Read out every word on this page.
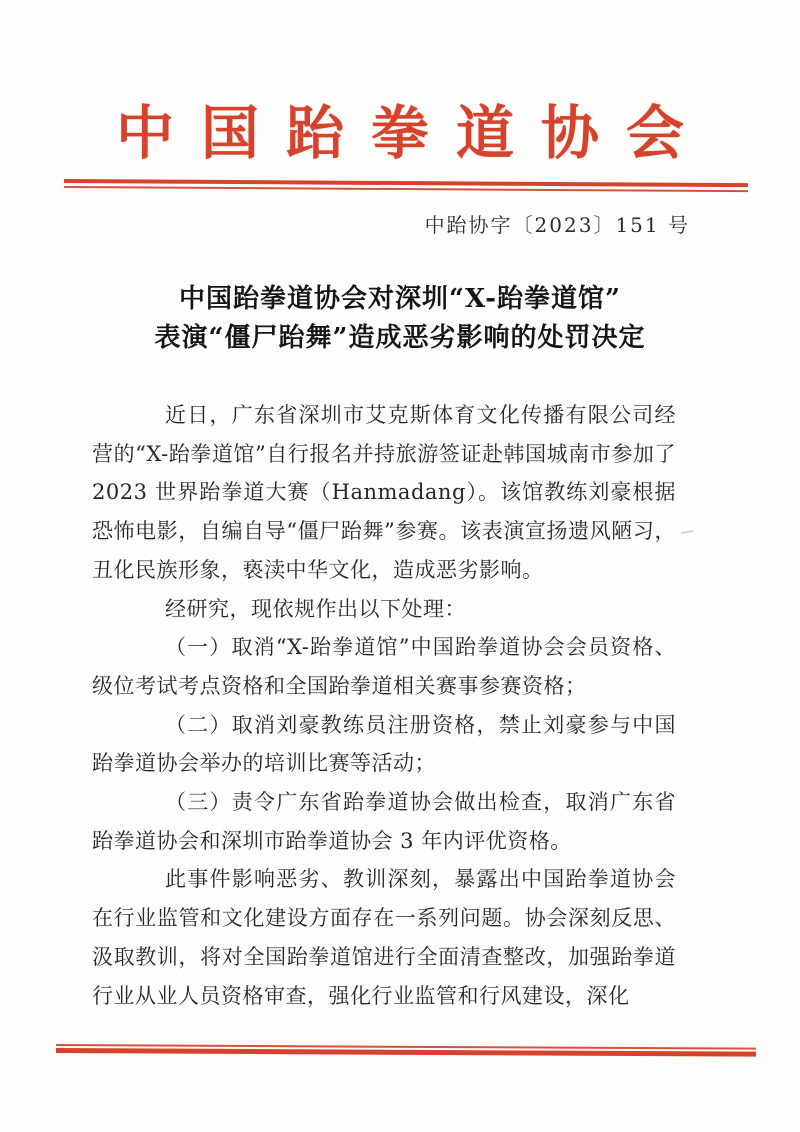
中国跆拳道协会
中跆协字〔2023〕151 号
中国跆拳道协会对深圳“X-跆拳道馆”
表演“僵尸跆舞”造成恶劣影响的处罚决定

近日，广东省深圳市艾克斯体育文化传播有限公司经营的“X-跆拳道馆”自行报名并持旅游签证赴韩国城南市参加了 2023 世界跆拳道大赛（Hanmadang）。该馆教练刘豪根据恐怖电影，自编自导“僵尸跆舞”参赛。该表演宣扬遗风陋习，丑化民族形象，亵渎中华文化，造成恶劣影响。

经研究，现依规作出以下处理：

（一）取消“X-跆拳道馆”中国跆拳道协会会员资格、级位考试考点资格和全国跆拳道相关赛事参赛资格；

（二）取消刘豪教练员注册资格，禁止刘豪参与中国跆拳道协会举办的培训比赛等活动；

（三）责令广东省跆拳道协会做出检查，取消广东省跆拳道协会和深圳市跆拳道协会 3 年内评优资格。

此事件影响恶劣、教训深刻，暴露出中国跆拳道协会在行业监管和文化建设方面存在一系列问题。协会深刻反思、汲取教训，将对全国跆拳道馆进行全面清查整改，加强跆拳道行业从业人员资格审查，强化行业监管和行风建设，深化
